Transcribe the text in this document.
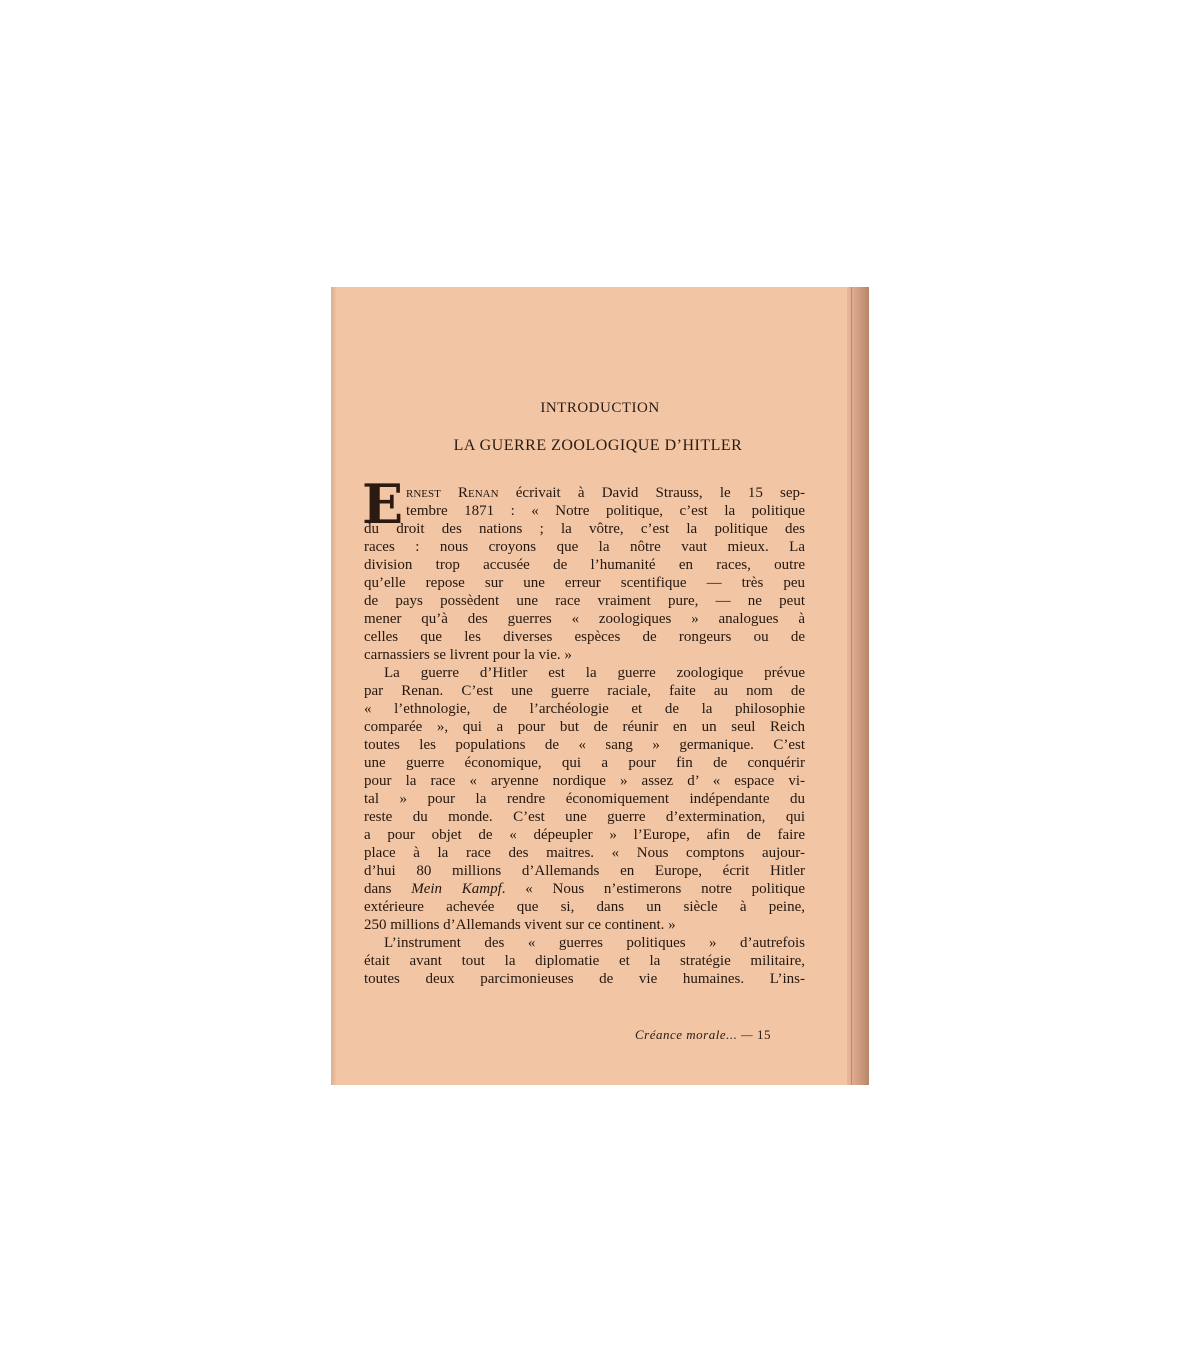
INTRODUCTION
LA GUERRE ZOOLOGIQUE D’HITLER

E rnest Renan écrivait à David Strauss, le 15 sep-
tembre 1871 : « Notre politique, c’est la politique
du droit des nations ; la vôtre, c’est la politique des
races : nous croyons que la nôtre vaut mieux. La
division trop accusée de l’humanité en races, outre
qu’elle repose sur une erreur scentifique — très peu
de pays possèdent une race vraiment pure, — ne peut
mener qu’à des guerres « zoologiques » analogues à
celles que les diverses espèces de rongeurs ou de
carnassiers se livrent pour la vie. »

La guerre d’Hitler est la guerre zoologique prévue
par Renan. C’est une guerre raciale, faite au nom de
« l’ethnologie, de l’archéologie et de la philosophie
comparée », qui a pour but de réunir en un seul Reich
toutes les populations de « sang » germanique. C’est
une guerre économique, qui a pour fin de conquérir
pour la race « aryenne nordique » assez d’ « espace vi-
tal » pour la rendre économiquement indépendante du
reste du monde. C’est une guerre d’extermination, qui
a pour objet de « dépeupler » l’Europe, afin de faire
place à la race des maitres. « Nous comptons aujour-
d’hui 80 millions d’Allemands en Europe, écrit Hitler
dans Mein Kampf. « Nous n’estimerons notre politique
extérieure achevée que si, dans un siècle à peine,
250 millions d’Allemands vivent sur ce continent. »

L’instrument des « guerres politiques » d’autrefois
était avant tout la diplomatie et la stratégie militaire,
toutes deux parcimonieuses de vie humaines. L’ins-

Créance morale... — 15
